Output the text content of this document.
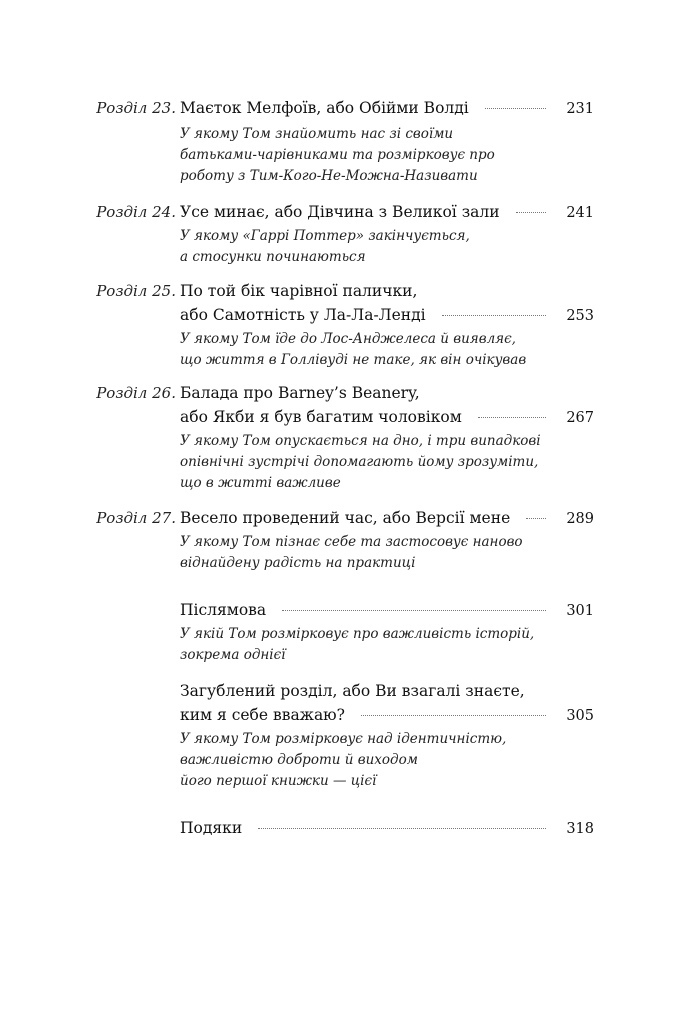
Розділ 23. Маєток Мелфоїв, або Обійми Волді	231
У якому Том знайомить нас зі своїми
батьками-чарівниками та розмірковує про
роботу з Тим-Кого-Не-Можна-Називати
Розділ 24. Усе минає, або Дівчина з Великої зали	241
У якому «Гаррі Поттер» закінчується,
а стосунки починаються
Розділ 25. По той бік чарівної палички,
або Самотність у Ла-Ла-Ленді	253
У якому Том їде до Лос-Анджелеса й виявляє,
що життя в Голлівуді не таке, як він очікував
Розділ 26. Балада про Barney’s Beanery,
або Якби я був багатим чоловіком	267
У якому Том опускається на дно, і три випадкові
опівнічні зустрічі допомагають йому зрозуміти,
що в житті важливе
Розділ 27. Весело проведений час, або Версії мене	289
У якому Том пізнає себе та застосовує наново
віднайдену радість на практиці
Післямова	301
У якій Том розмірковує про важливість історій,
зокрема однієї
Загублений розділ, або Ви взагалі знаєте,
ким я себе вважаю?	305
У якому Том розмірковує над ідентичністю,
важливістю доброти й виходом
його першої книжки — цієї
Подяки	318
